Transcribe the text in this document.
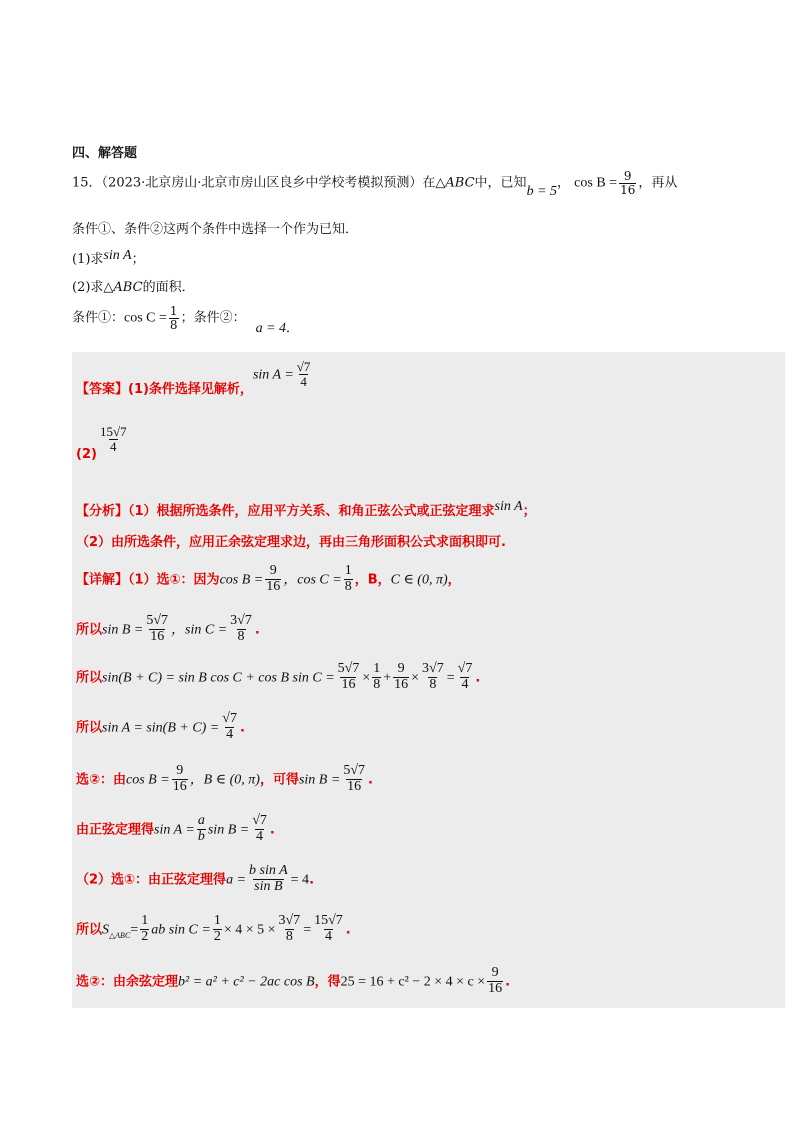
四、解答题
15．（2023·北京房山·北京市房山区良乡中学校考模拟预测）在△ABC中，已知b = 5， $\cos B = \frac{9}{16}$ ，再从
条件①、条件②这两个条件中选择一个作为已知．
(1)求sin A；
(2)求△ABC的面积．
条件①：$\cos C = \frac{1}{8}$ ；条件②：a = 4．
$_{【答案】(1)条件选择见解析,}$sin $A = \frac{√7}{4}$
$_{(2)}$
$\frac{15√7}{4}$
【分析】（1）根据所选条件，应用平方关系、和角正弦公式或正弦定理求sin A；
（2）由所选条件，应用正余弦定理求边，再由三角形面积公式求面积即可.
【详解】（1）选①：因为$\cos B = \frac{9}{16}$ ，$\cos C = \frac{1}{8}$ ，B，C ∈ (0, π)，
所以$\sin B = \frac{5√7}{16}$ ，$\sin C = \frac{3√7}{8}$ .
所以sin(B + C) = sin B cos C + cos B $\sin C = \frac{5√7}{16} \times \frac{1}{8} + \frac{9}{16} \times \frac{3√7}{8} = \frac{√7}{4}$ .
所以$\sin A = \sin(B + C) = \frac{√7}{4}$ .
选②：由$\cos B = \frac{9}{16}$ ，B ∈ (0, π)，可得$\sin B = \frac{5√7}{16}$ .
由正弦定理得$\sin A = \frac{a}{b}$ $\sin B = \frac{√7}{4}$ .
（2）选①：由正弦定理得$a = \frac{\text{b sin A}}{\text{sin B}} = 4$.
所以$S_{\triangle ABC}= \frac{1}{2}$ ab $\sin C = \frac{1}{2} \times 4 \times 5 \times \frac{3√7}{8} = \frac{15√7}{4}$ .
选②：由余弦定理b² = a² + c² − 2ac cos B，得$25 = 16 + c^2 - 2 \times 4 \times c \times \frac{9}{16}$ .
